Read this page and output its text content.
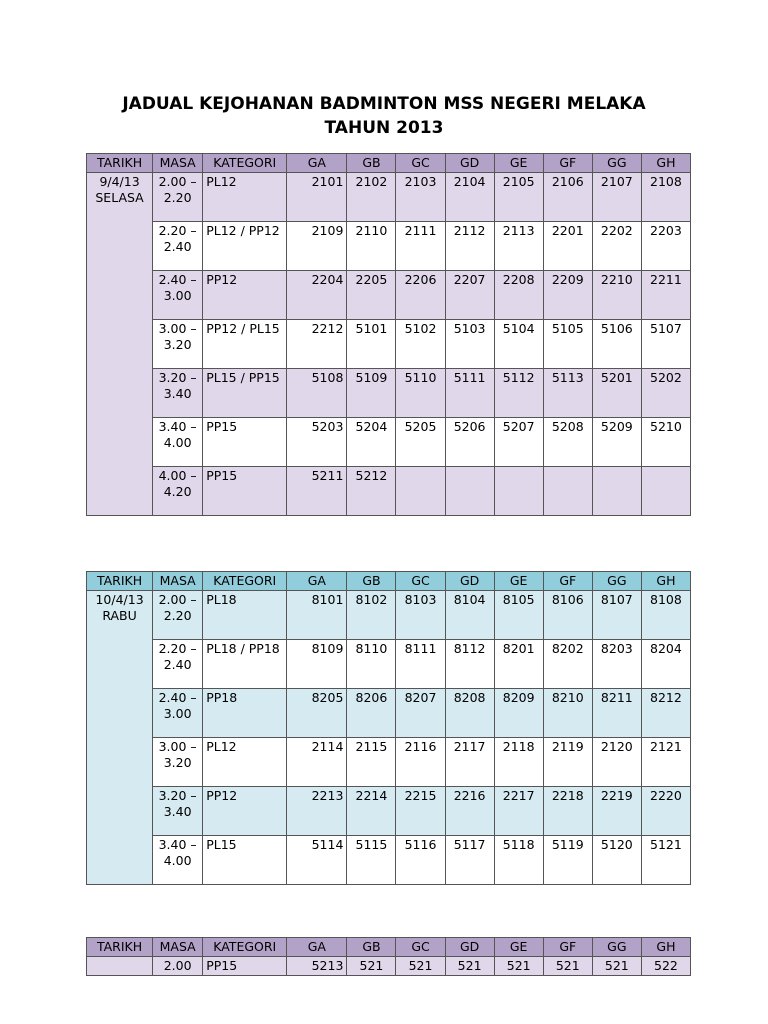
JADUAL KEJOHANAN BADMINTON MSS NEGERI MELAKA
TAHUN 2013
TARIKH	MASA	KATEGORI	GA	GB	GC	GD	GE	GF	GG	GH
9/4/13 SELASA	2.00 – 2.20	PL12	2101	2102	2103	2104	2105	2106	2107	2108
	2.20 – 2.40	PL12 / PP12	2109	2110	2111	2112	2113	2201	2202	2203
	2.40 – 3.00	PP12	2204	2205	2206	2207	2208	2209	2210	2211
	3.00 – 3.20	PP12 / PL15	2212	5101	5102	5103	5104	5105	5106	5107
	3.20 – 3.40	PL15 / PP15	5108	5109	5110	5111	5112	5113	5201	5202
	3.40 – 4.00	PP15	5203	5204	5205	5206	5207	5208	5209	5210
	4.00 – 4.20	PP15	5211	5212						
TARIKH	MASA	KATEGORI	GA	GB	GC	GD	GE	GF	GG	GH
10/4/13 RABU	2.00 – 2.20	PL18	8101	8102	8103	8104	8105	8106	8107	8108
	2.20 – 2.40	PL18 / PP18	8109	8110	8111	8112	8201	8202	8203	8204
	2.40 – 3.00	PP18	8205	8206	8207	8208	8209	8210	8211	8212
	3.00 – 3.20	PL12	2114	2115	2116	2117	2118	2119	2120	2121
	3.20 – 3.40	PP12	2213	2214	2215	2216	2217	2218	2219	2220
	3.40 – 4.00	PL15	5114	5115	5116	5117	5118	5119	5120	5121
TARIKH	MASA	KATEGORI	GA	GB	GC	GD	GE	GF	GG	GH
	2.00	PP15	5213	521	521	521	521	521	521	522
